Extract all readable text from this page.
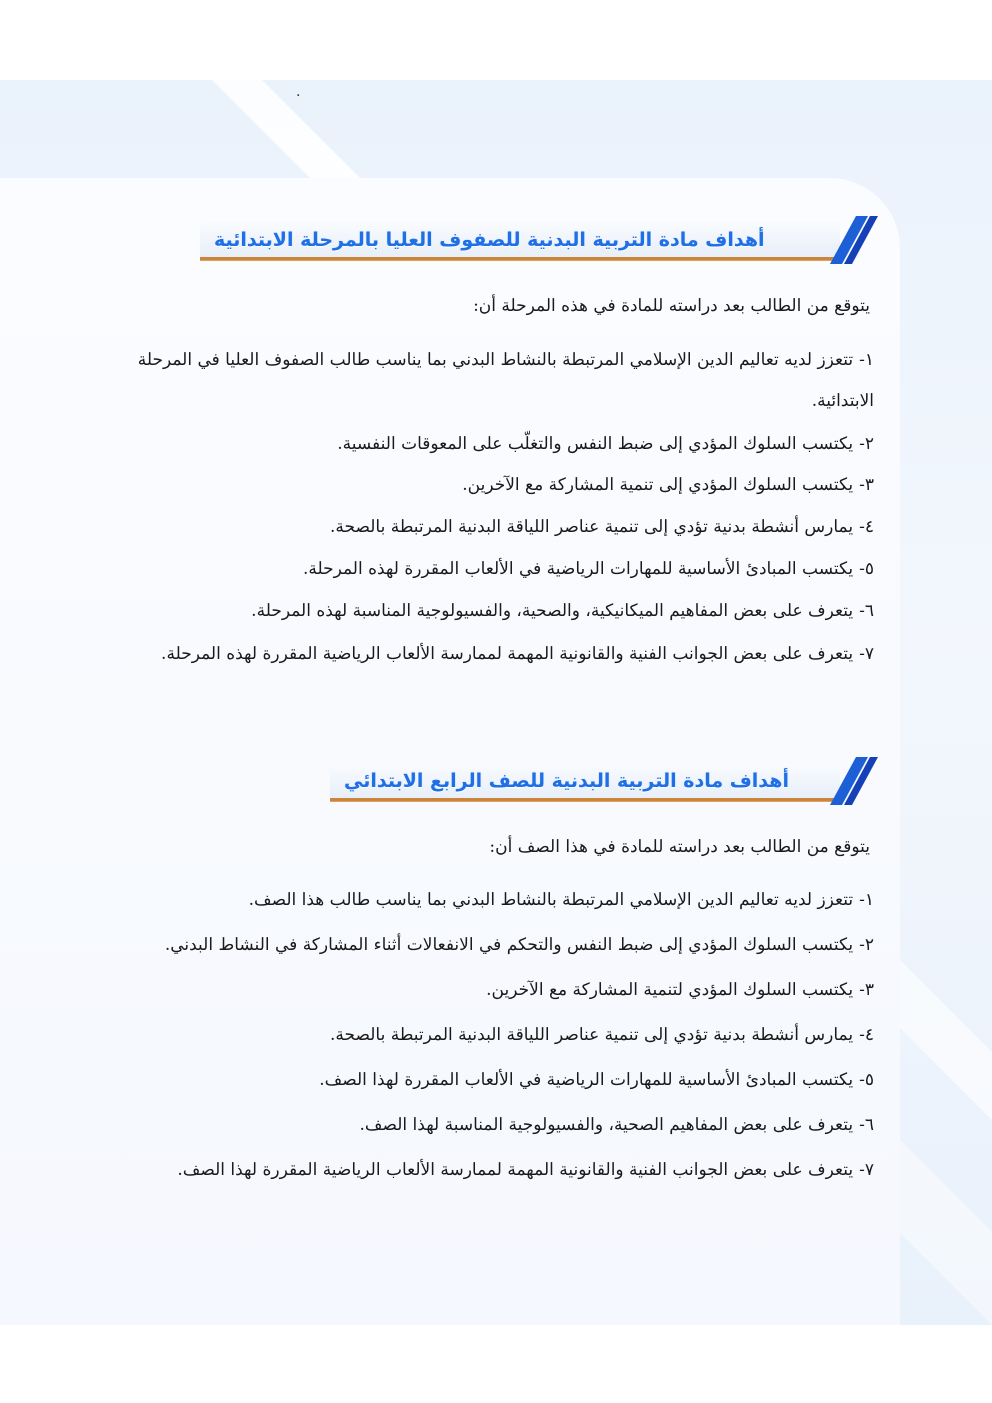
.
أهداف مادة التربية البدنية للصفوف العليا بالمرحلة الابتدائية
يتوقع من الطالب بعد دراسته للمادة في هذه المرحلة أن:
١-تتعزز لديه تعاليم الدين الإسلامي المرتبطة بالنشاط البدني بما يناسب طالب الصفوف العليا في المرحلة الابتدائية.
٢-يكتسب السلوك المؤدي إلى ضبط النفس والتغلّب على المعوقات النفسية.
٣-يكتسب السلوك المؤدي إلى تنمية المشاركة مع الآخرين.
٤-يمارس أنشطة بدنية تؤدي إلى تنمية عناصر اللياقة البدنية المرتبطة بالصحة.
٥-يكتسب المبادئ الأساسية للمهارات الرياضية في الألعاب المقررة لهذه المرحلة.
٦-يتعرف على بعض المفاهيم الميكانيكية، والصحية، والفسيولوجية المناسبة لهذه المرحلة.
٧-يتعرف على بعض الجوانب الفنية والقانونية المهمة لممارسة الألعاب الرياضية المقررة لهذه المرحلة.
أهداف مادة التربية البدنية للصف الرابع الابتدائي
يتوقع من الطالب بعد دراسته للمادة في هذا الصف أن:
١-تتعزز لديه تعاليم الدين الإسلامي المرتبطة بالنشاط البدني بما يناسب طالب هذا الصف.
٢-يكتسب السلوك المؤدي إلى ضبط النفس والتحكم في الانفعالات أثناء المشاركة في النشاط البدني.
٣-يكتسب السلوك المؤدي لتنمية المشاركة مع الآخرين.
٤-يمارس أنشطة بدنية تؤدي إلى تنمية عناصر اللياقة البدنية المرتبطة بالصحة.
٥-يكتسب المبادئ الأساسية للمهارات الرياضية في الألعاب المقررة لهذا الصف.
٦-يتعرف على بعض المفاهيم الصحية، والفسيولوجية المناسبة لهذا الصف.
٧-يتعرف على بعض الجوانب الفنية والقانونية المهمة لممارسة الألعاب الرياضية المقررة لهذا الصف.
